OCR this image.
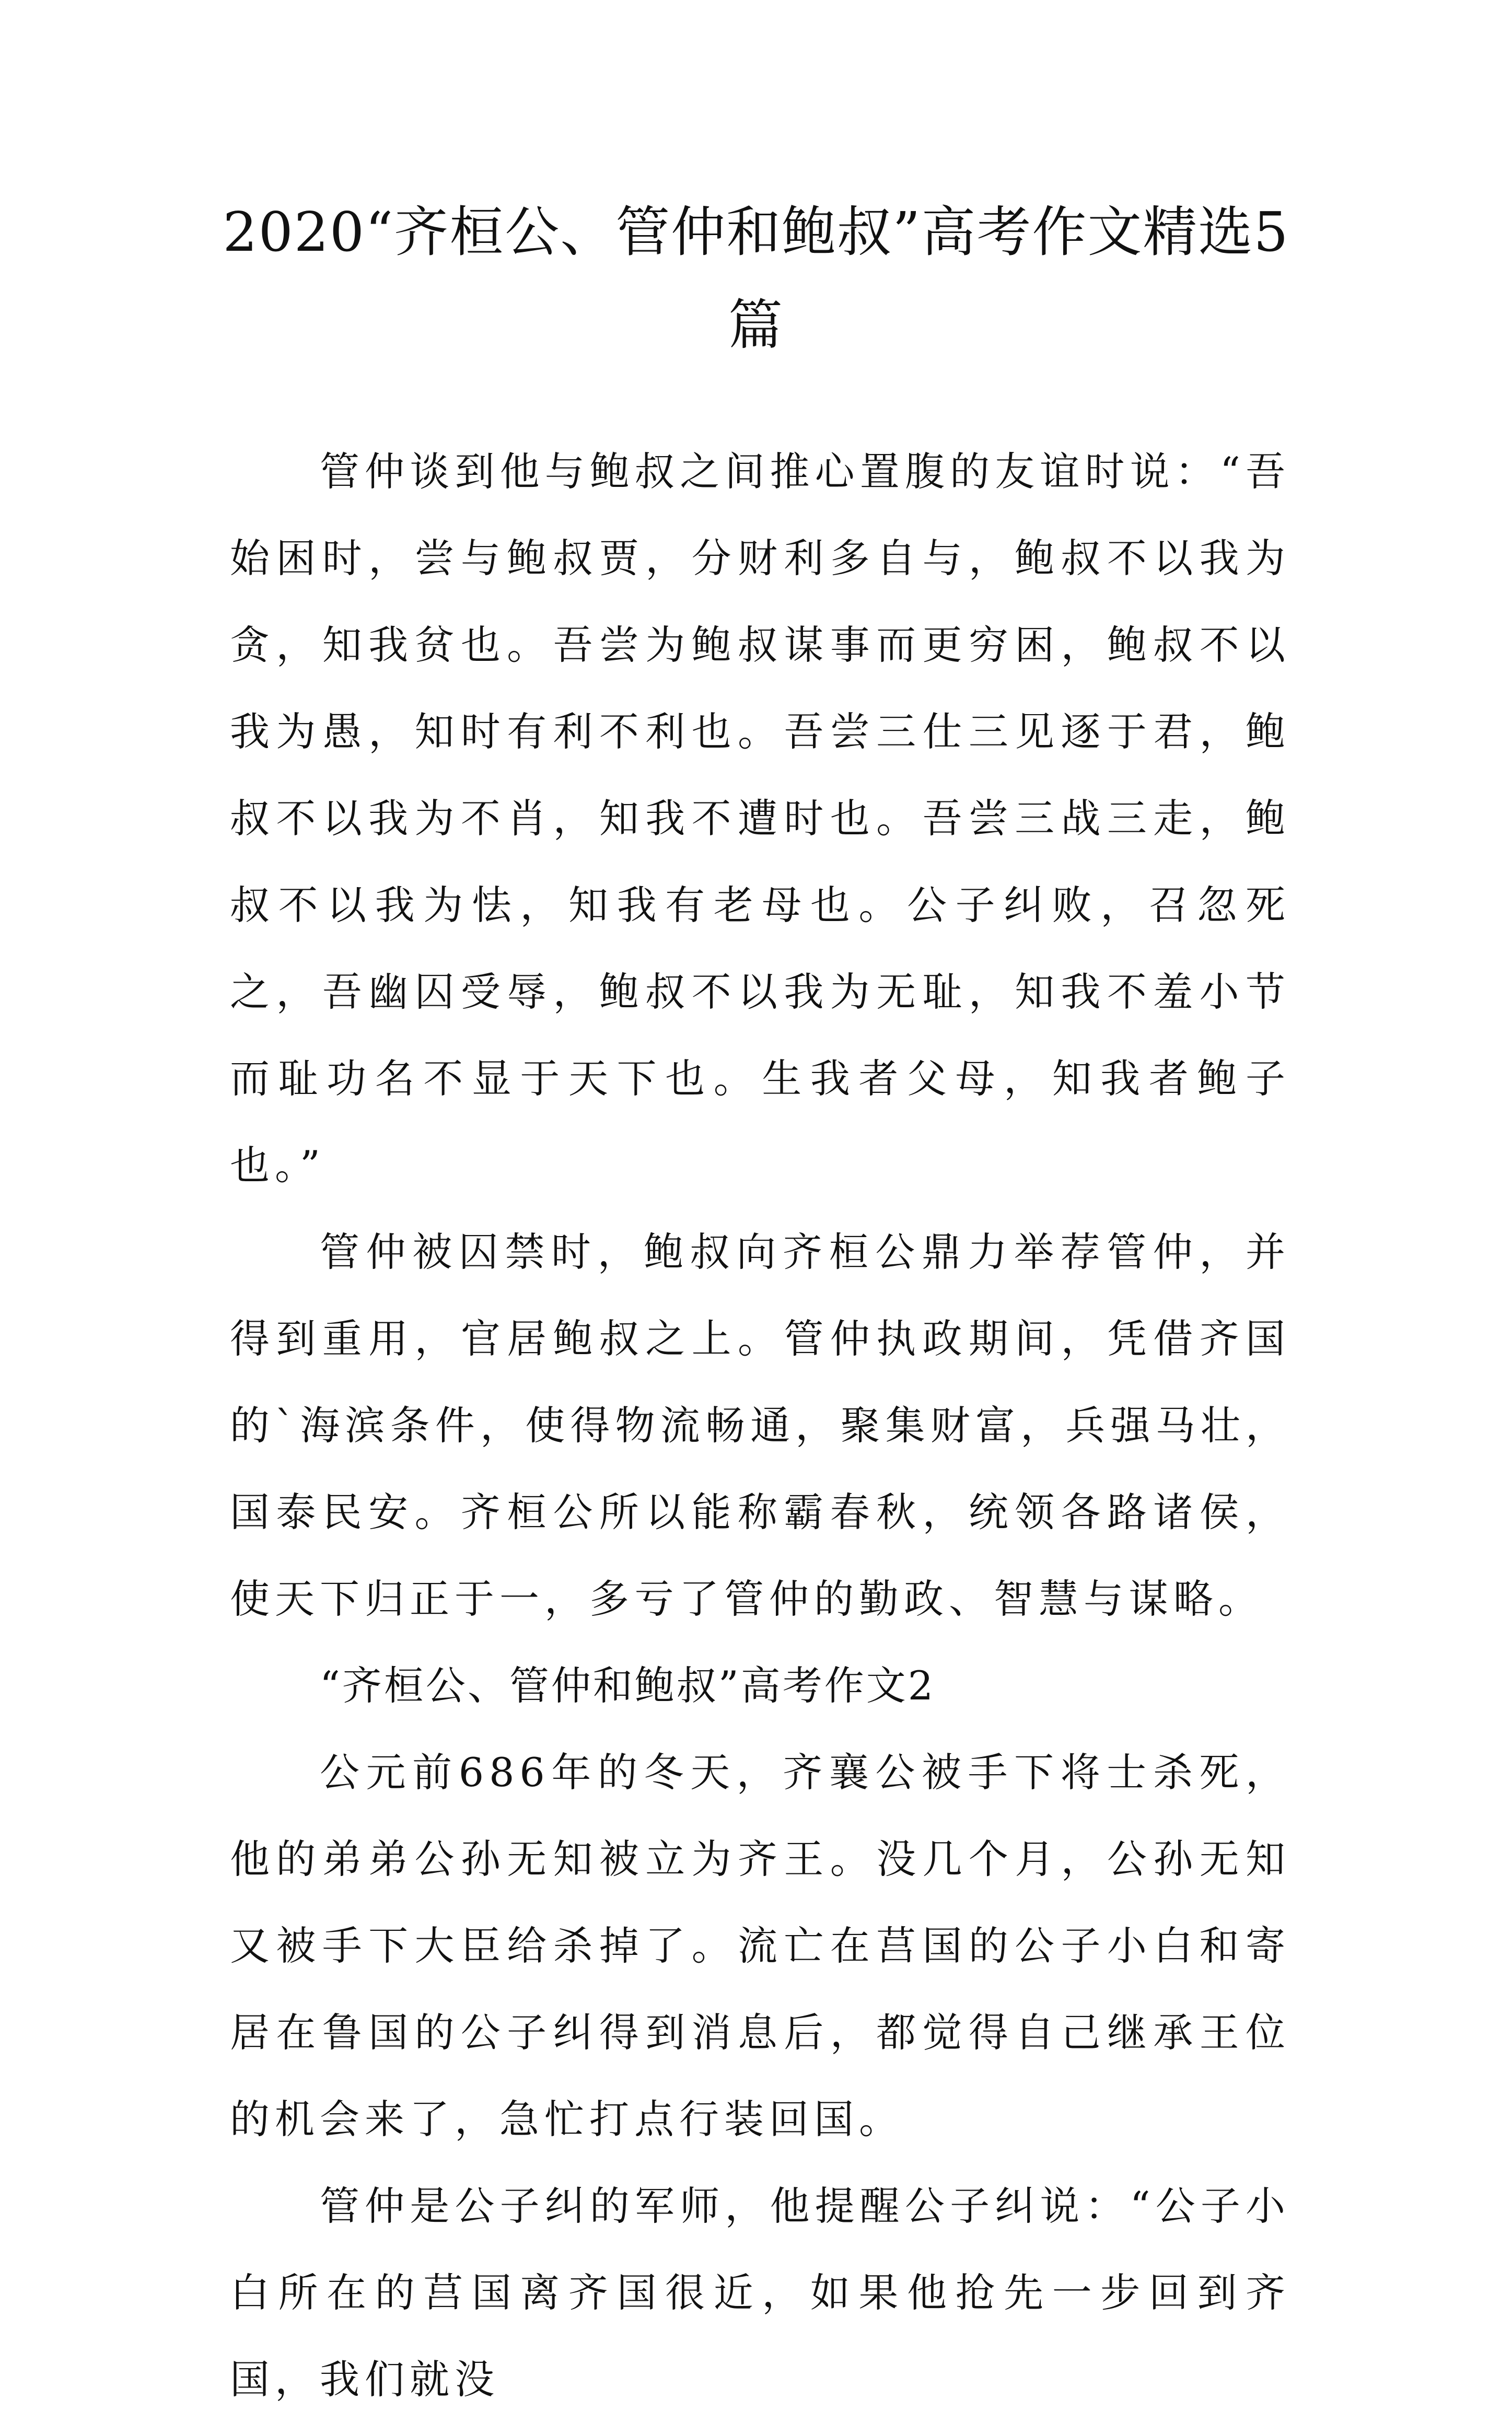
2020“齐桓公、管仲和鲍叔”高考作文精选5篇

管仲谈到他与鲍叔之间推心置腹的友谊时说：“吾始困时，尝与鲍叔贾，分财利多自与，鲍叔不以我为贪，知我贫也。吾尝为鲍叔谋事而更穷困，鲍叔不以我为愚，知时有利不利也。吾尝三仕三见逐于君，鲍叔不以我为不肖，知我不遭时也。吾尝三战三走，鲍叔不以我为怯，知我有老母也。公子纠败，召忽死之，吾幽囚受辱，鲍叔不以我为无耻，知我不羞小节而耻功名不显于天下也。生我者父母，知我者鲍子也。”

管仲被囚禁时，鲍叔向齐桓公鼎力举荐管仲，并得到重用，官居鲍叔之上。管仲执政期间，凭借齐国的`海滨条件，使得物流畅通，聚集财富，兵强马壮，国泰民安。齐桓公所以能称霸春秋，统领各路诸侯，使天下归正于一，多亏了管仲的勤政、智慧与谋略。

“齐桓公、管仲和鲍叔”高考作文2

公元前686年的冬天，齐襄公被手下将士杀死，他的弟弟公孙无知被立为齐王。没几个月，公孙无知又被手下大臣给杀掉了。流亡在莒国的公子小白和寄居在鲁国的公子纠得到消息后，都觉得自己继承王位的机会来了，急忙打点行装回国。

管仲是公子纠的军师，他提醒公子纠说：“公子小白所在的莒国离齐国很近，如果他抢先一步回到齐国，我们就没
